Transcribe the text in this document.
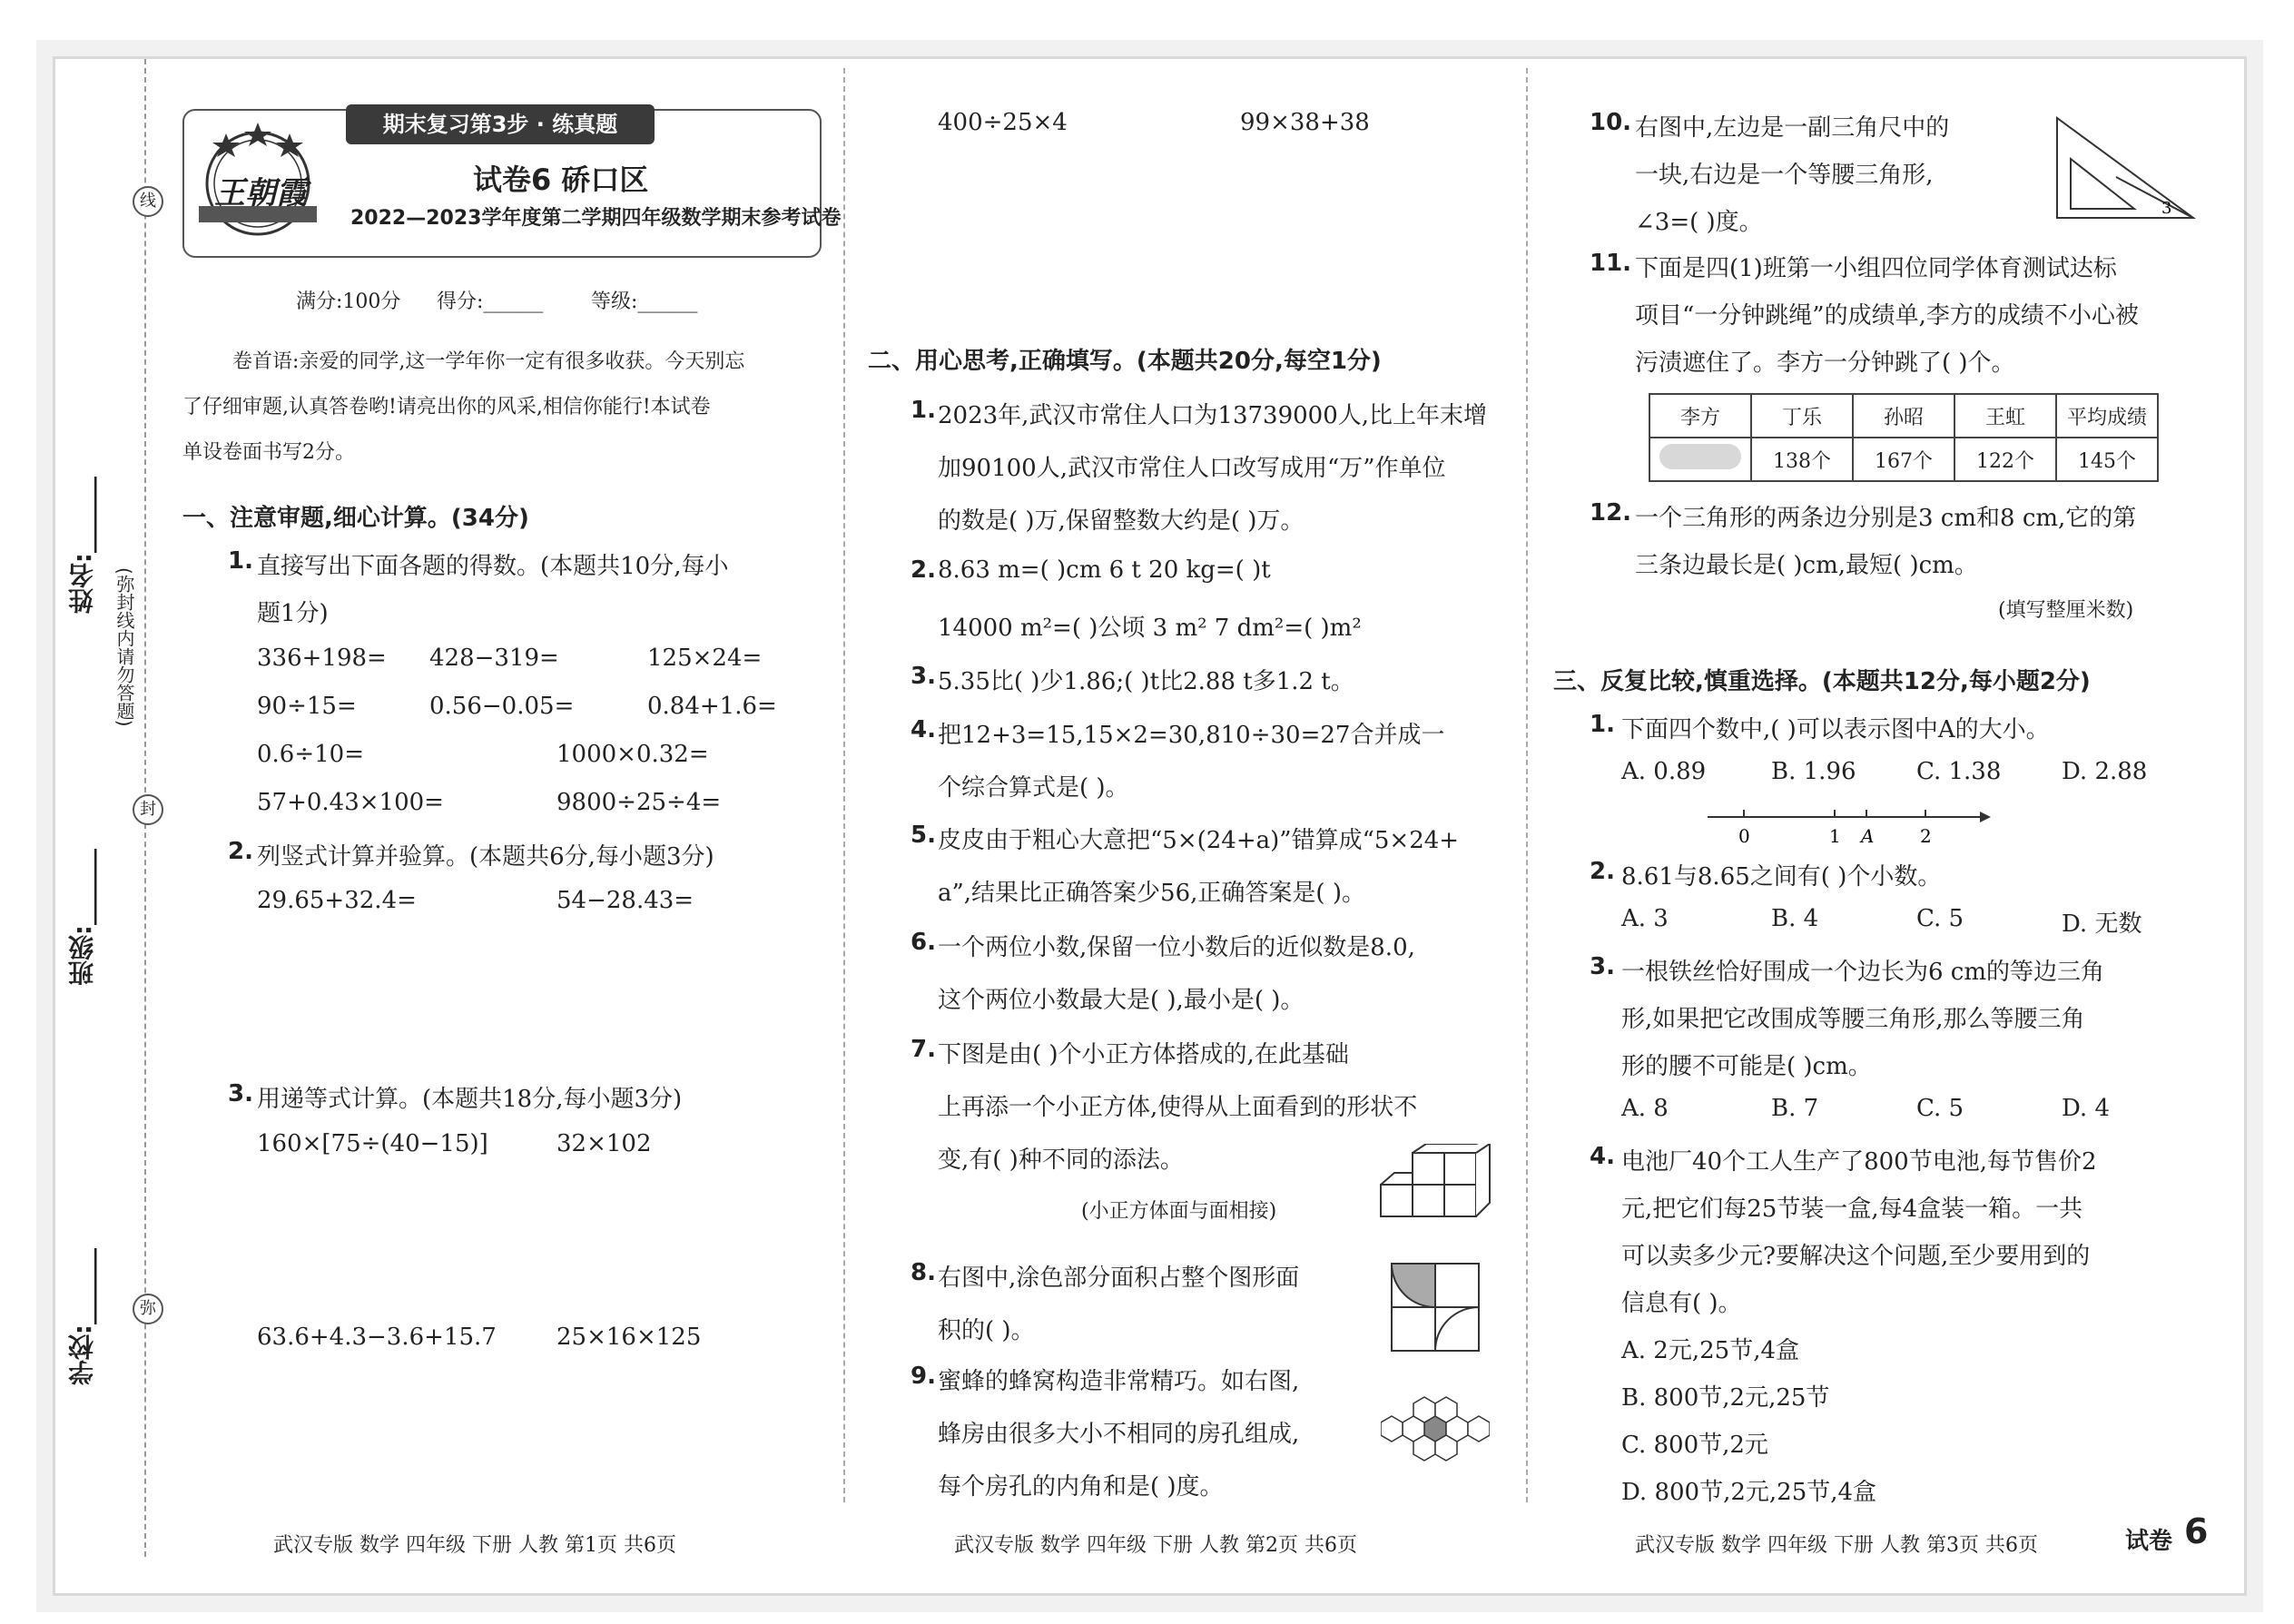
线
封
弥
姓名:______
班级:______
学校:______
(弥封线内请勿答题)
王朝霞
期末复习第3步 · 练真题
试卷6 硚口区
2022—2023学年度第二学期四年级数学期末参考试卷
满分:100分 得分:______ 等级:______
卷首语:亲爱的同学,这一学年你一定有很多收获。今天别忘
了仔细审题,认真答卷哟!请亮出你的风采,相信你能行!本试卷
单设卷面书写2分。
一、注意审题,细心计算。(34分)
1. 直接写出下面各题的得数。(本题共10分,每小
题1分)
336+198= 428−319=	125×24=
90÷15=	0.56−0.05=	0.84+1.6=
0.6÷10=	1000×0.32=
57+0.43×100=	9800÷25÷4=
2. 列竖式计算并验算。(本题共6分,每小题3分)
29.65+32.4=	54−28.43=
3. 用递等式计算。(本题共18分,每小题3分)
160×[75÷(40−15)]	32×102
63.6+4.3−3.6+15.7	25×16×125
400÷25×4	99×38+38
二、用心思考,正确填写。(本题共20分,每空1分)
1. 2023年,武汉市常住人口为13739000人,比上年末增
加90100人,武汉市常住人口改写成用“万”作单位
的数是( )万,保留整数大约是( )万。
2. 8.63 m=( )cm 6 t 20 kg=( )t
14000 m²=( )公顷 3 m² 7 dm²=( )m²
3. 5.35比( )少1.86;( )t比2.88 t多1.2 t。
4. 把12+3=15,15×2=30,810÷30=27合并成一
个综合算式是( )。
5. 皮皮由于粗心大意把“5×(24+a)”错算成“5×24+
a”,结果比正确答案少56,正确答案是( )。
6. 一个两位小数,保留一位小数后的近似数是8.0,
这个两位小数最大是( ),最小是( )。
7. 下图是由( )个小正方体搭成的,在此基础
上再添一个小正方体,使得从上面看到的形状不
变,有( )种不同的添法。
(小正方体面与面相接)
8. 右图中,涂色部分面积占整个图形面
积的( )。
9. 蜜蜂的蜂窝构造非常精巧。如右图,
蜂房由很多大小不相同的房孔组成,
每个房孔的内角和是( )度。
10. 右图中,左边是一副三角尺中的
一块,右边是一个等腰三角形,
∠3=( )度。
3
11. 下面是四(1)班第一小组四位同学体育测试达标
项目“一分钟跳绳”的成绩单,李方的成绩不小心被
污渍遮住了。李方一分钟跳了( )个。
李方	丁乐	孙昭	王虹	平均成绩
	138个	167个	122个	145个
12. 一个三角形的两条边分别是3 cm和8 cm,它的第
三条边最长是( )cm,最短( )cm。
(填写整厘米数)
三、反复比较,慎重选择。(本题共12分,每小题2分)
1. 下面四个数中,( )可以表示图中A的大小。
A. 0.89	B. 1.96	C. 1.38	D. 2.88
0	1 A	2
2. 8.61与8.65之间有( )个小数。
A. 3	B. 4	C. 5	D. 无数
3. 一根铁丝恰好围成一个边长为6 cm的等边三角
形,如果把它改围成等腰三角形,那么等腰三角
形的腰不可能是( )cm。
A. 8	B. 7	C. 5	D. 4
4. 电池厂40个工人生产了800节电池,每节售价2
元,把它们每25节装一盒,每4盒装一箱。一共
可以卖多少元?要解决这个问题,至少要用到的
信息有( )。
A. 2元,25节,4盒
B. 800节,2元,25节
C. 800节,2元
D. 800节,2元,25节,4盒
武汉专版 数学 四年级 下册 人教 第1页 共6页	武汉专版 数学 四年级 下册 人教 第2页 共6页	武汉专版 数学 四年级 下册 人教 第3页 共6页	试卷 6
